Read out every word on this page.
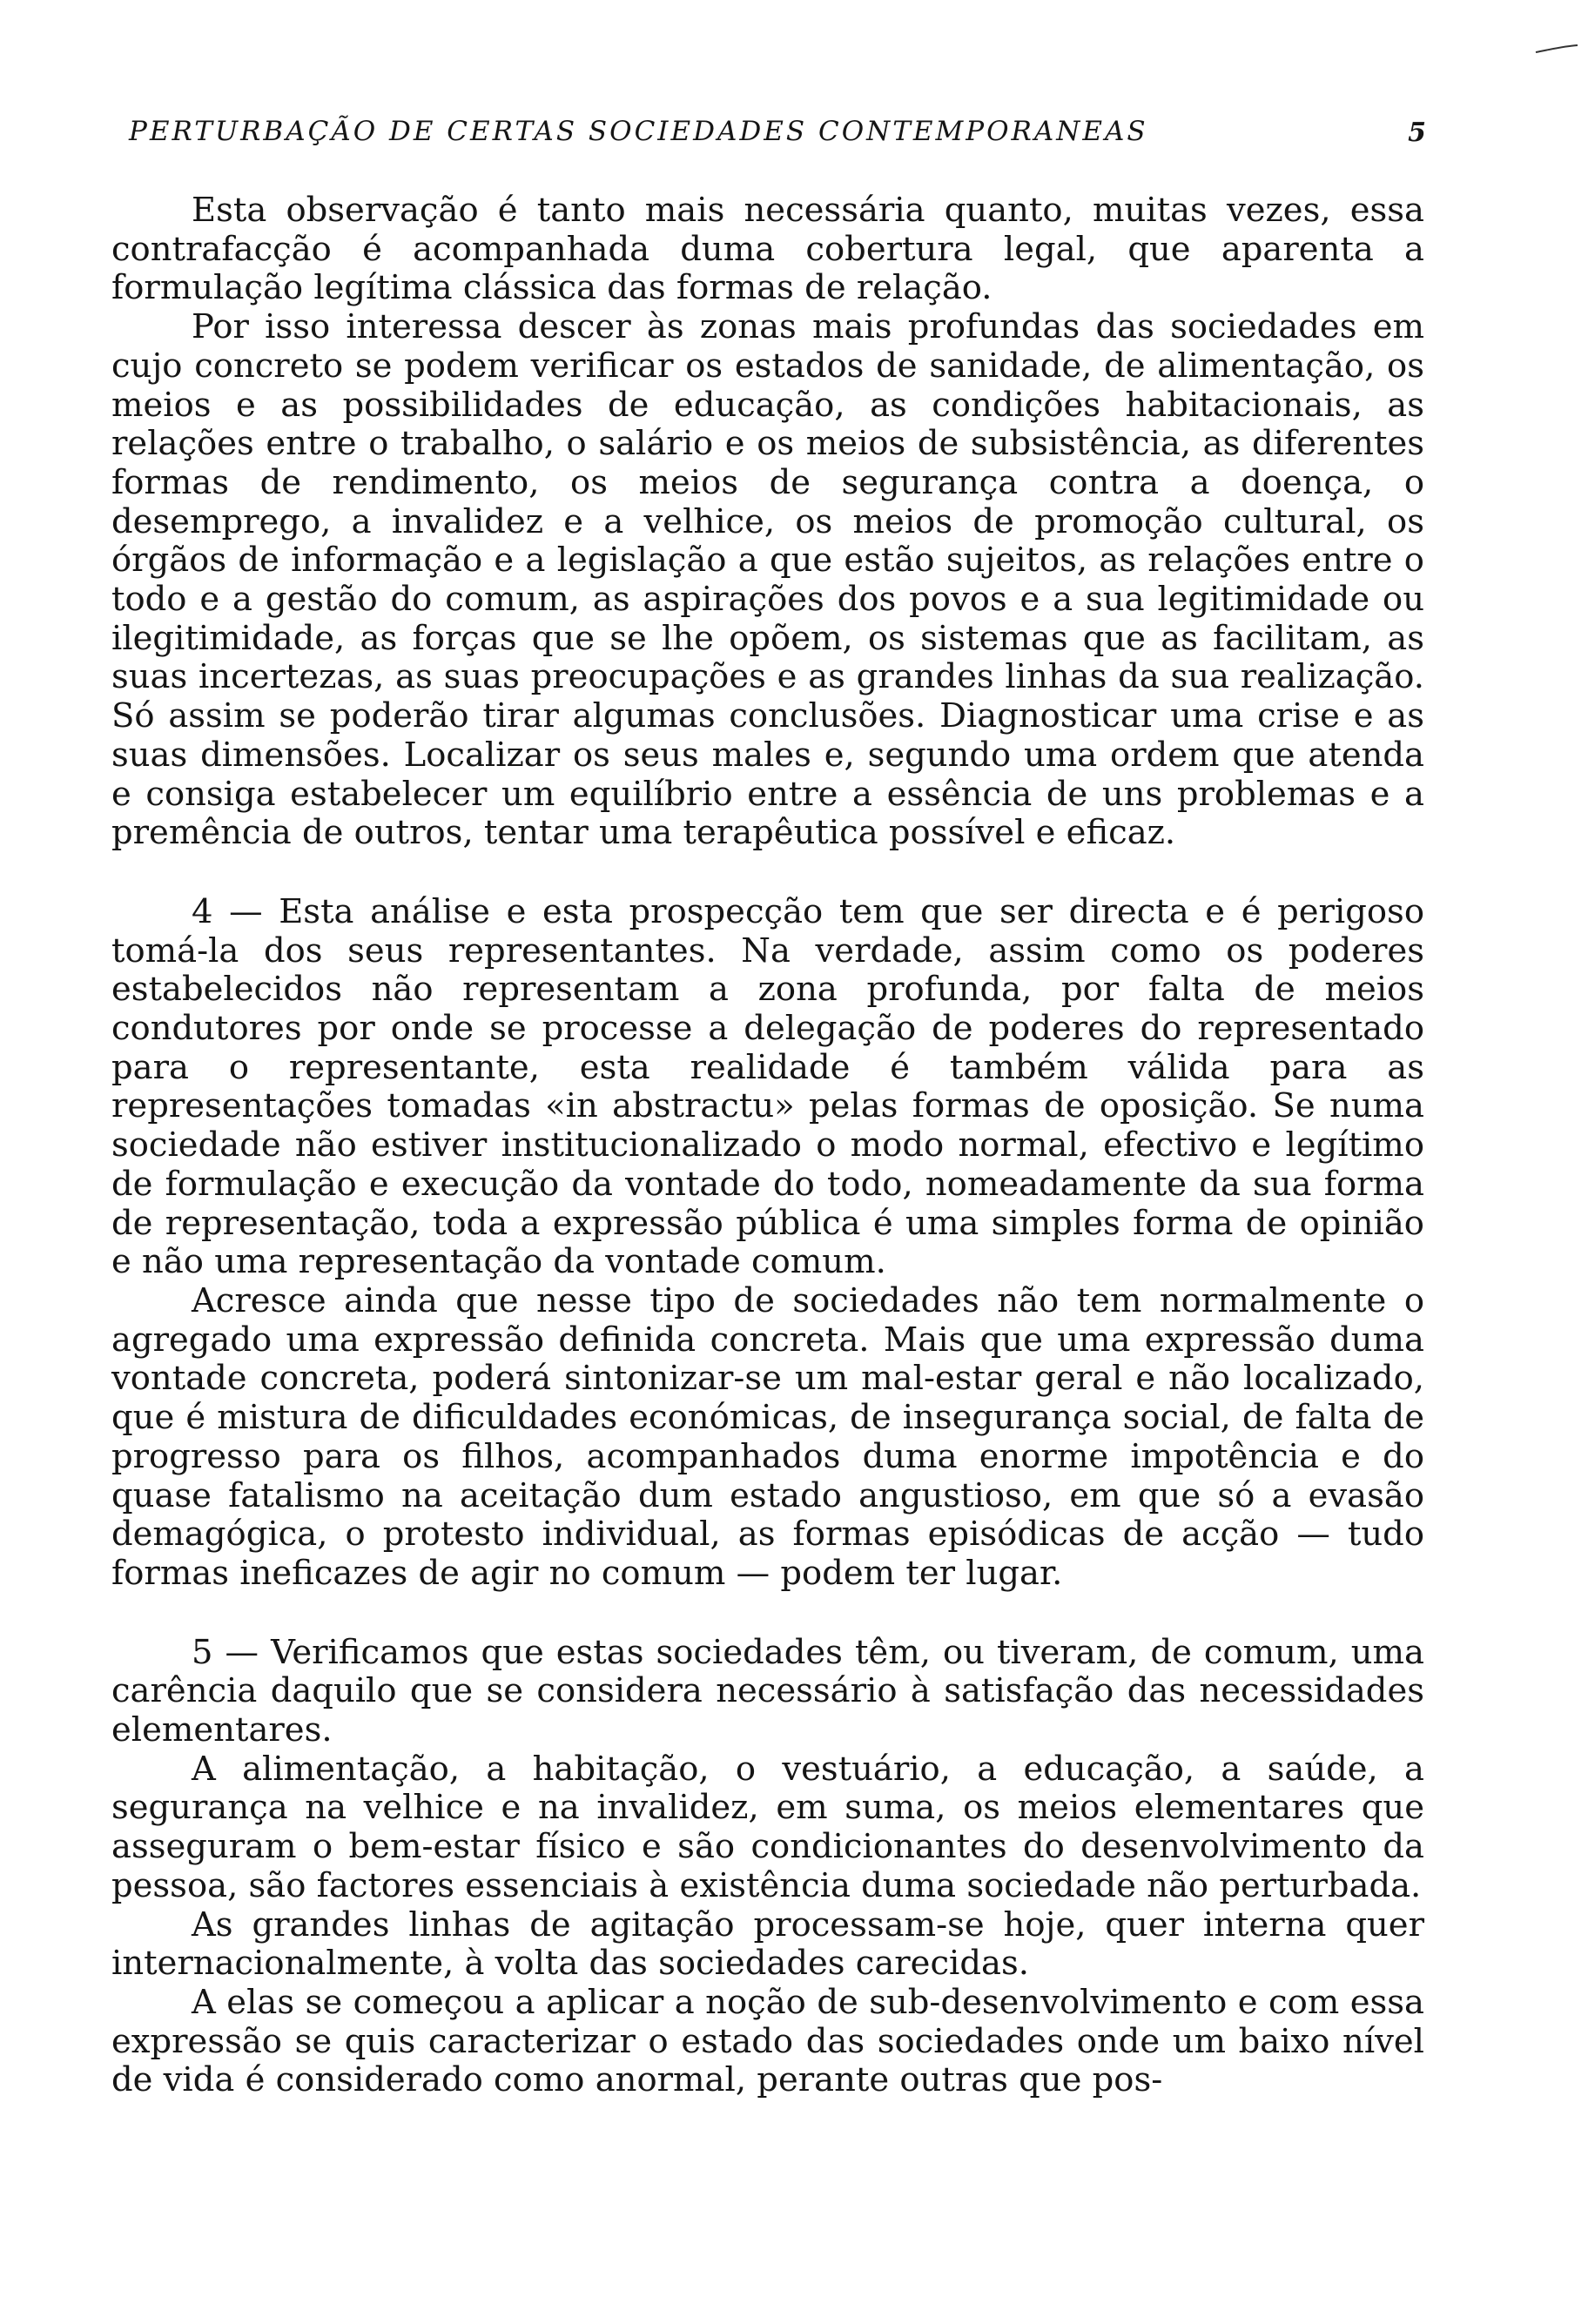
PERTURBAÇÃO DE CERTAS SOCIEDADES CONTEMPORANEAS	5

Esta observação é tanto mais necessária quanto, muitas vezes, essa contrafacção é acompanhada duma cobertura legal, que aparenta a formulação legítima clássica das formas de relação.

Por isso interessa descer às zonas mais profundas das sociedades em cujo concreto se podem verificar os estados de sanidade, de alimentação, os meios e as possibilidades de educação, as condições habitacionais, as relações entre o trabalho, o salário e os meios de subsistência, as diferentes formas de rendimento, os meios de segurança contra a doença, o desemprego, a invalidez e a velhice, os meios de promoção cultural, os órgãos de informação e a legislação a que estão sujeitos, as relações entre o todo e a gestão do comum, as aspirações dos povos e a sua legitimidade ou ilegitimidade, as forças que se lhe opõem, os sistemas que as facilitam, as suas incertezas, as suas preocupações e as grandes linhas da sua realização. Só assim se poderão tirar algumas conclusões. Diagnosticar uma crise e as suas dimensões. Localizar os seus males e, segundo uma ordem que atenda e consiga estabelecer um equilíbrio entre a essência de uns problemas e a premência de outros, tentar uma terapêutica possível e eficaz.

4 — Esta análise e esta prospecção tem que ser directa e é perigoso tomá-la dos seus representantes. Na verdade, assim como os poderes estabelecidos não representam a zona profunda, por falta de meios condutores por onde se processe a delegação de poderes do representado para o representante, esta realidade é também válida para as representações tomadas «in abstractu» pelas formas de oposição. Se numa sociedade não estiver institucionalizado o modo normal, efectivo e legítimo de formulação e execução da vontade do todo, nomeadamente da sua forma de representação, toda a expressão pública é uma simples forma de opinião e não uma representação da vontade comum.

Acresce ainda que nesse tipo de sociedades não tem normalmente o agregado uma expressão definida concreta. Mais que uma expressão duma vontade concreta, poderá sintonizar-se um mal-estar geral e não localizado, que é mistura de dificuldades económicas, de insegurança social, de falta de progresso para os filhos, acompanhados duma enorme impotência e do quase fatalismo na aceitação dum estado angustioso, em que só a evasão demagógica, o protesto individual, as formas episódicas de acção — tudo formas ineficazes de agir no comum — podem ter lugar.

5 — Verificamos que estas sociedades têm, ou tiveram, de comum, uma carência daquilo que se considera necessário à satisfação das necessidades elementares.

A alimentação, a habitação, o vestuário, a educação, a saúde, a segurança na velhice e na invalidez, em suma, os meios elementares que asseguram o bem-estar físico e são condicionantes do desenvolvimento da pessoa, são factores essenciais à existência duma sociedade não perturbada.

As grandes linhas de agitação processam-se hoje, quer interna quer internacionalmente, à volta das sociedades carecidas.

A elas se começou a aplicar a noção de sub-desenvolvimento e com essa expressão se quis caracterizar o estado das sociedades onde um baixo nível de vida é considerado como anormal, perante outras que pos-
